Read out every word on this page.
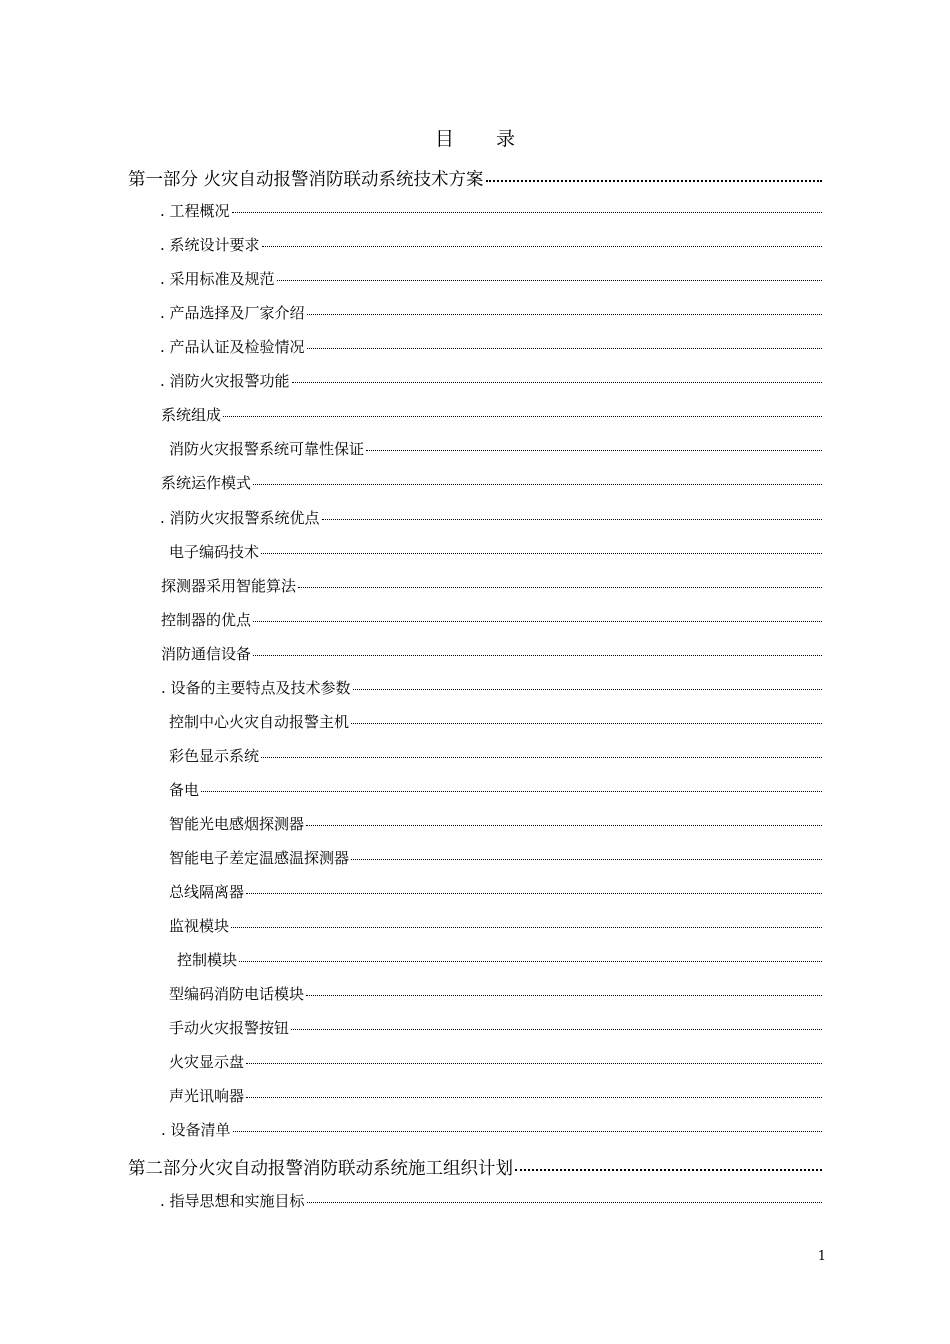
目 录
第一部分 火灾自动报警消防联动系统技术方案
. 工程概况
. 系统设计要求
. 采用标准及规范
. 产品选择及厂家介绍
. 产品认证及检验情况
. 消防火灾报警功能
系统组成
消防火灾报警系统可靠性保证
系统运作模式
. 消防火灾报警系统优点
电子编码技术
探测器采用智能算法
控制器的优点
消防通信设备
. 设备的主要特点及技术参数
控制中心火灾自动报警主机
彩色显示系统
备电
智能光电感烟探测器
智能电子差定温感温探测器
总线隔离器
监视模块
控制模块
型编码消防电话模块
手动火灾报警按钮
火灾显示盘
声光讯响器
. 设备清单
第二部分火灾自动报警消防联动系统施工组织计划
. 指导思想和实施目标
1
